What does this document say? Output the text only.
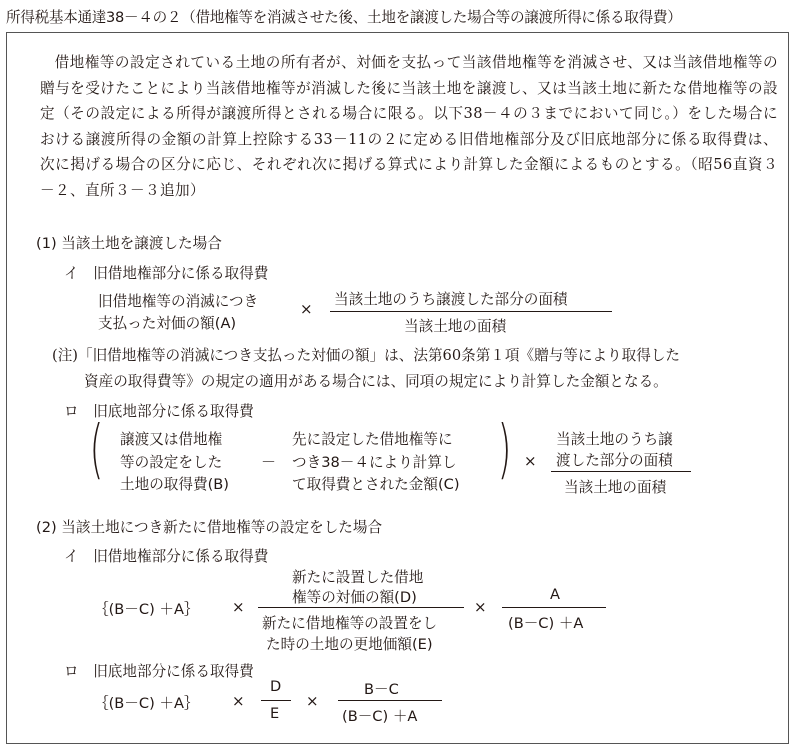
所得税基本通達38－４の２（借地権等を消滅させた後、土地を譲渡した場合等の譲渡所得に係る取得費）
借地権等の設定されている土地の所有者が、対価を支払って当該借地権等を消滅させ、又は当該借地権等の贈与を受けたことにより当該借地権等が消滅した後に当該土地を譲渡し、又は当該土地に新たな借地権等の設定（その設定による所得が譲渡所得とされる場合に限る。以下38－４の３までにおいて同じ。）をした場合における譲渡所得の金額の計算上控除する33－11の２に定める旧借地権部分及び旧底地部分に係る取得費は、次に掲げる場合の区分に応じ、それぞれ次に掲げる算式により計算した金額によるものとする。（昭56直資３－２、直所３－３追加）
(1) 当該土地を譲渡した場合
イ　旧借地権部分に係る取得費
旧借地権等の消滅につき
支払った対価の額(A)
×
当該土地のうち譲渡した部分の面積
当該土地の面積
(注)「旧借地権等の消滅につき支払った対価の額」は、法第60条第１項《贈与等により取得した
資産の取得費等》の規定の適用がある場合には、同項の規定により計算した金額となる。
ロ　旧底地部分に係る取得費
( 譲渡又は借地権
等の設定をした
土地の取得費(B)
－
先に設定した借地権等に
つき38－４により計算し
て取得費とされた金額(C) ) ×
当該土地のうち譲
渡した部分の面積
当該土地の面積
(2) 当該土地につき新たに借地権等の設定をした場合
イ　旧借地権部分に係る取得費
｛(B－C) ＋A｝ ×
新たに設置した借地
権等の対価の額(D)
新たに借地権等の設置をし
た時の土地の更地価額(E)
×
A
(B－C) ＋A
ロ　旧底地部分に係る取得費
｛(B－C) ＋A｝ ×
D
E
×
B－C
(B－C) ＋A
